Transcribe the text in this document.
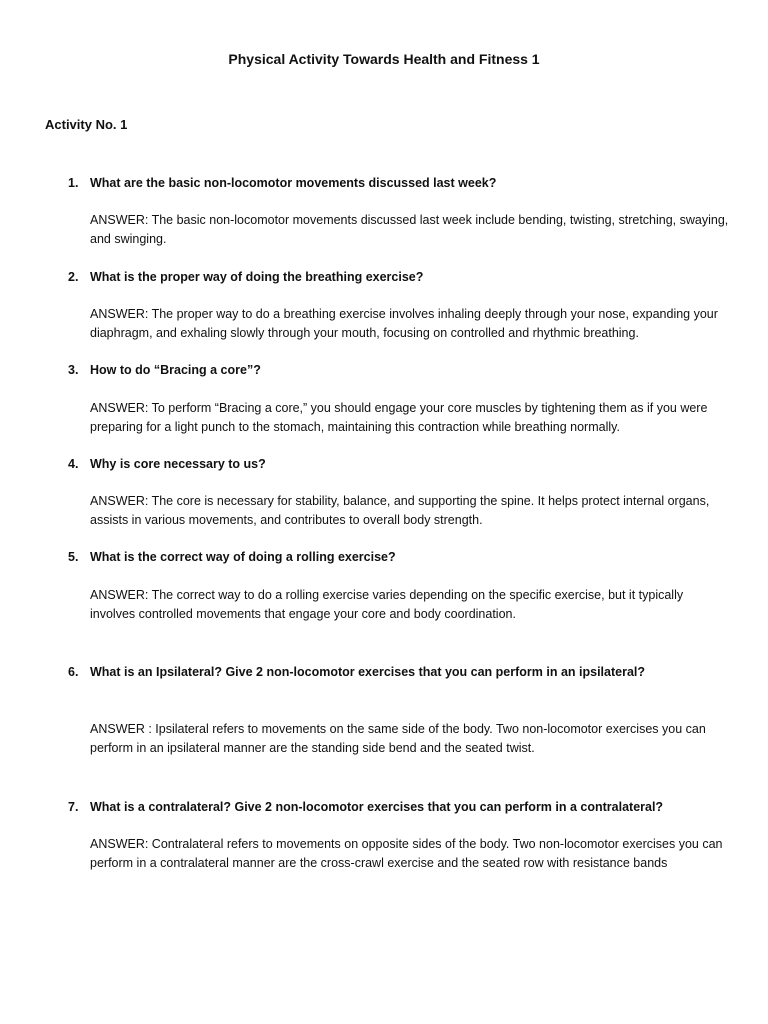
Physical Activity Towards Health and Fitness 1
Activity No. 1
1. What are the basic non-locomotor movements discussed last week?
ANSWER: The basic non-locomotor movements discussed last week include bending, twisting, stretching, swaying, and swinging.
2. What is the proper way of doing the breathing exercise?
ANSWER: The proper way to do a breathing exercise involves inhaling deeply through your nose, expanding your diaphragm, and exhaling slowly through your mouth, focusing on controlled and rhythmic breathing.
3. How to do “Bracing a core”?
ANSWER: To perform “Bracing a core,” you should engage your core muscles by tightening them as if you were preparing for a light punch to the stomach, maintaining this contraction while breathing normally.
4. Why is core necessary to us?
ANSWER: The core is necessary for stability, balance, and supporting the spine. It helps protect internal organs, assists in various movements, and contributes to overall body strength.
5. What is the correct way of doing a rolling exercise?
ANSWER: The correct way to do a rolling exercise varies depending on the specific exercise, but it typically involves controlled movements that engage your core and body coordination.
6. What is an Ipsilateral? Give 2 non-locomotor exercises that you can perform in an ipsilateral?
ANSWER : Ipsilateral refers to movements on the same side of the body. Two non-locomotor exercises you can perform in an ipsilateral manner are the standing side bend and the seated twist.
7. What is a contralateral? Give 2 non-locomotor exercises that you can perform in a contralateral?
ANSWER: Contralateral refers to movements on opposite sides of the body. Two non-locomotor exercises you can perform in a contralateral manner are the cross-crawl exercise and the seated row with resistance bands
